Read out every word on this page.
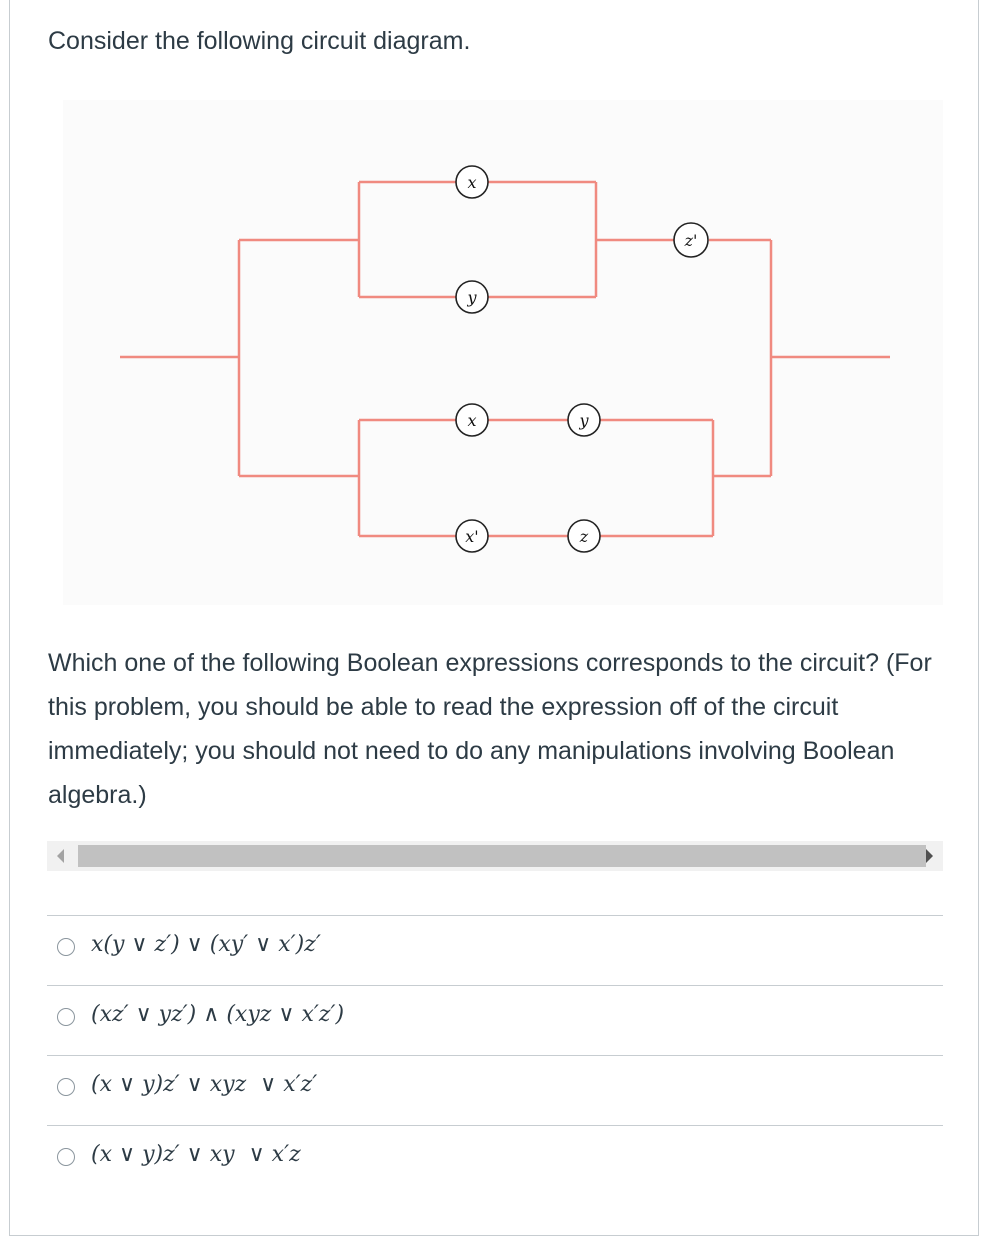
Consider the following circuit diagram.
x
y
z'
x	y
x'	z
Which one of the following Boolean expressions corresponds to the circuit? (For this problem, you should be able to read the expression off of the circuit immediately; you should not need to do any manipulations involving Boolean algebra.)
x(y ∨ z′) ∨ (xy′ ∨ x′)z′
(xz′ ∨ yz′) ∧ (xyz ∨ x′z′)
(x ∨ y)z′ ∨ xyz  ∨ x′z′
(x ∨ y)z′ ∨ xy  ∨ x′z
